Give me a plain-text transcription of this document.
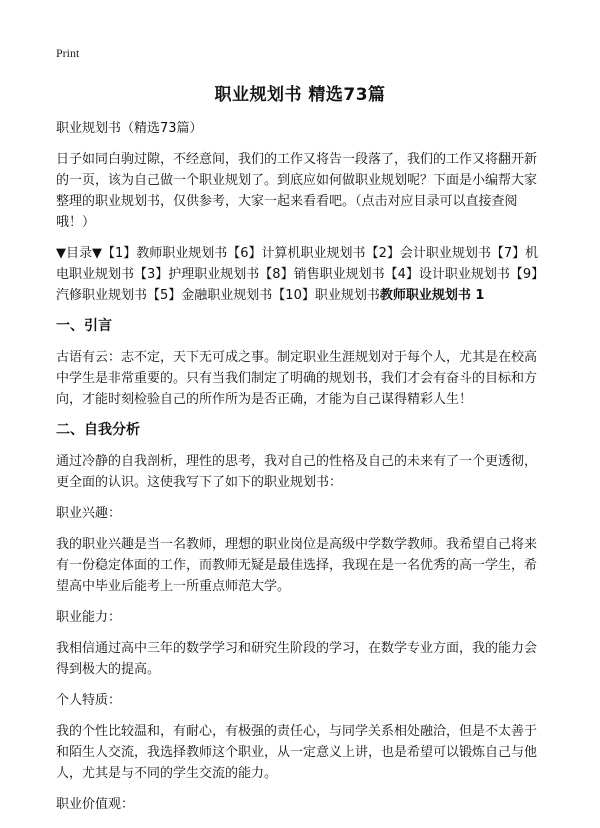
Print
职业规划书 精选73篇

职业规划书（精选73篇）

日子如同白驹过隙，不经意间，我们的工作又将告一段落了，我们的工作又将翻开新的一页，该为自己做一个职业规划了。到底应如何做职业规划呢？下面是小编帮大家整理的职业规划书，仅供参考，大家一起来看看吧。（点击对应目录可以直接查阅哦！）

▼目录▼【1】教师职业规划书【6】计算机职业规划书【2】会计职业规划书【7】机电职业规划书【3】护理职业规划书【8】销售职业规划书【4】设计职业规划书【9】汽修职业规划书【5】金融职业规划书【10】职业规划书教师职业规划书 1

一、引言

古语有云：志不定，天下无可成之事。制定职业生涯规划对于每个人，尤其是在校高中学生是非常重要的。只有当我们制定了明确的规划书，我们才会有奋斗的目标和方向，才能时刻检验自己的所作所为是否正确，才能为自己谋得精彩人生！

二、自我分析

通过冷静的自我剖析，理性的思考，我对自己的性格及自己的未来有了一个更透彻，更全面的认识。这使我写下了如下的职业规划书：

职业兴趣：

我的职业兴趣是当一名教师，理想的职业岗位是高级中学数学教师。我希望自己将来有一份稳定体面的工作，而教师无疑是最佳选择，我现在是一名优秀的高一学生，希望高中毕业后能考上一所重点师范大学。

职业能力：

我相信通过高中三年的数学学习和研究生阶段的学习，在数学专业方面，我的能力会得到极大的提高。

个人特质：

我的个性比较温和，有耐心，有极强的责任心，与同学关系相处融洽，但是不太善于和陌生人交流，我选择教师这个职业，从一定意义上讲，也是希望可以锻炼自己与他人，尤其是与不同的学生交流的能力。

职业价值观：
